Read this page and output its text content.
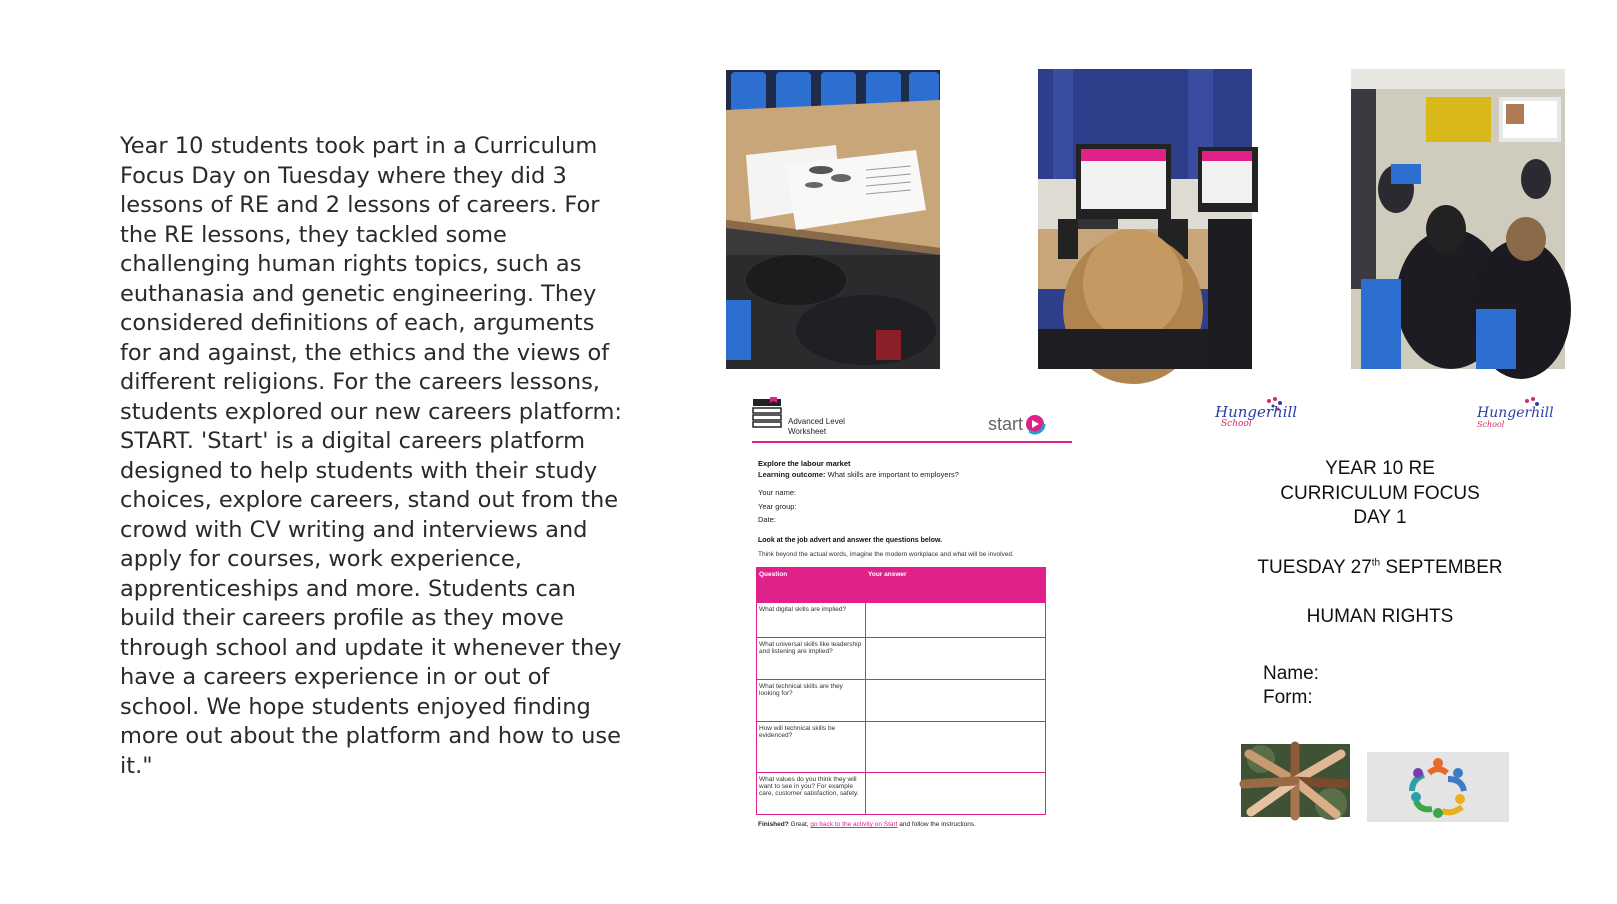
Year 10 students took part in a Curriculum Focus Day on Tuesday where they did 3 lessons of RE and 2 lessons of careers. For the RE lessons, they tackled some challenging human rights topics, such as euthanasia and genetic engineering. They considered definitions of each, arguments for and against, the ethics and the views of different religions. For the careers lessons, students explored our new careers platform: START. 'Start' is a digital careers platform designed to help students with their study choices, explore careers, stand out from the crowd with CV writing and interviews and apply for courses, work experience, apprenticeships and more. Students can build their careers profile as they move through school and update it whenever they have a careers experience in or out of school. We hope students enjoyed finding more out about the platform and how to use it."

Advanced Level
Worksheet	start
Explore the labour market
Learning outcome: What skills are important to employers?
Your name:
Year group:
Date:
Look at the job advert and answer the questions below.
Think beyond the actual words, imagine the modern workplace and what will be involved.
Question	Your answer
What digital skills are implied?	
What universal skills like leadership and listening are implied?	
What technical skills are they looking for?	
How will technical skills be evidenced?	
What values do you think they will want to see in you? For example care, customer satisfaction, safety.	
Finished? Great, go back to the activity on Start and follow the instructions.
Hungerhill
School
Hungerhill
School
YEAR 10 RE
CURRICULUM FOCUS
DAY 1
TUESDAY 27th SEPTEMBER
HUMAN RIGHTS
Name:
Form:
